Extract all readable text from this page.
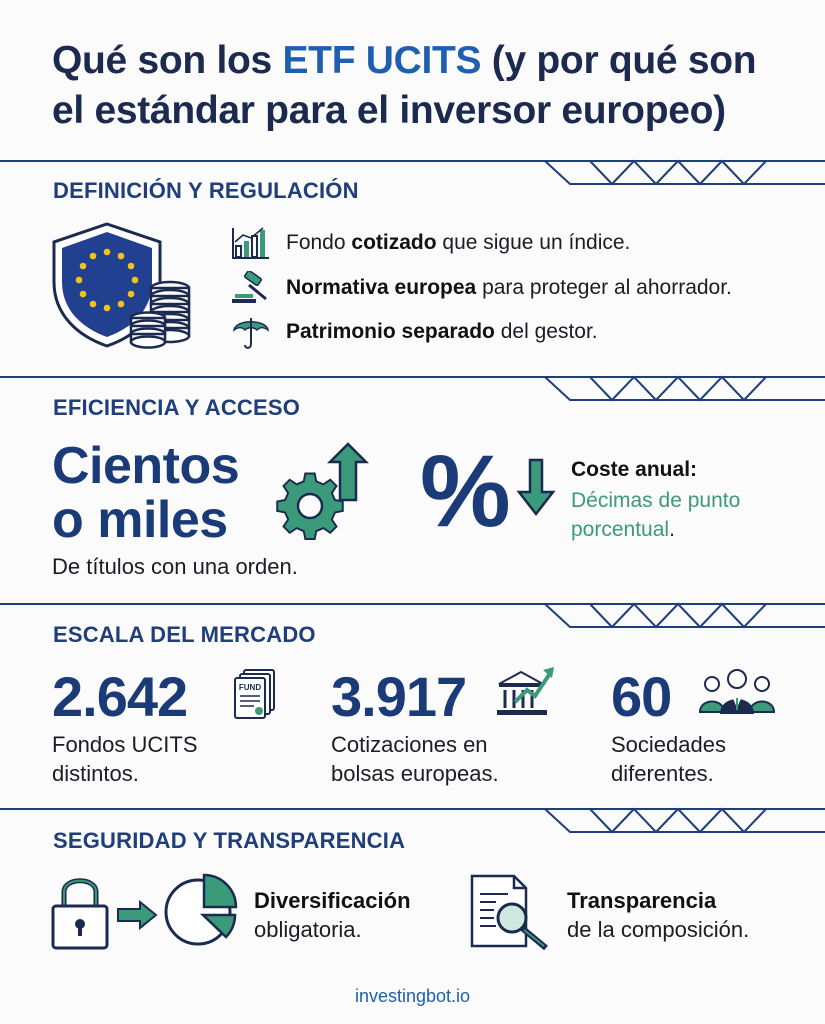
Qué son los ETF UCITS (y por qué son el estándar para el inversor europeo)
DEFINICIÓN Y REGULACIÓN
Fondo cotizado que sigue un índice.
Normativa europea para proteger al ahorrador.
Patrimonio separado del gestor.
EFICIENCIA Y ACCESO
Cientos
o miles
De títulos con una orden.
%	Coste anual:
Décimas de punto
porcentual.
ESCALA DEL MERCADO
2.642	FUND
Fondos UCITS
distintos.
3.917
Cotizaciones en
bolsas europeas.
60
Sociedades
diferentes.
SEGURIDAD Y TRANSPARENCIA
Diversificación
obligatoria.
Transparencia
de la composición.
investingbot.io
